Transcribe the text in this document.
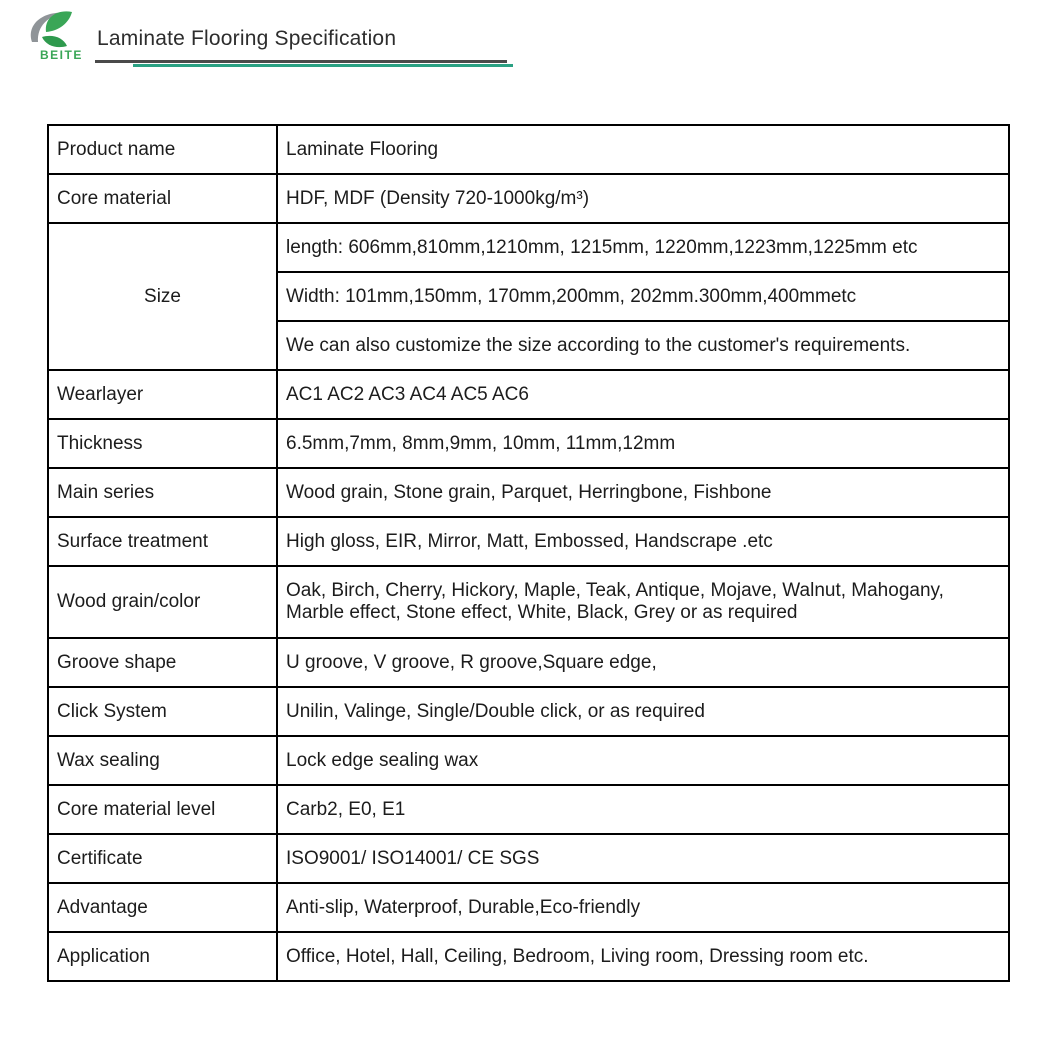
BEITE
Laminate Flooring Specification
Product name	Laminate Flooring
Core material	HDF, MDF (Density 720-1000kg/m³)
Size	length: 606mm,810mm,1210mm, 1215mm, 1220mm,1223mm,1225mm etc
	Width: 101mm,150mm, 170mm,200mm, 202mm.300mm,400mmetc
	We can also customize the size according to the customer's requirements.
Wearlayer	AC1 AC2 AC3 AC4 AC5 AC6
Thickness	6.5mm,7mm, 8mm,9mm, 10mm, 11mm,12mm
Main series	Wood grain, Stone grain, Parquet, Herringbone, Fishbone
Surface treatment	High gloss, EIR, Mirror, Matt, Embossed, Handscrape .etc
Wood grain/color	Oak, Birch, Cherry, Hickory, Maple, Teak, Antique, Mojave, Walnut, Mahogany, Marble effect, Stone effect, White, Black, Grey or as required
Groove shape	U groove, V groove, R groove,Square edge,
Click System	Unilin, Valinge, Single/Double click, or as required
Wax sealing	Lock edge sealing wax
Core material level	Carb2, E0, E1
Certificate	ISO9001/ ISO14001/ CE SGS
Advantage	Anti-slip, Waterproof, Durable,Eco-friendly
Application	Office, Hotel, Hall, Ceiling, Bedroom, Living room, Dressing room etc.
